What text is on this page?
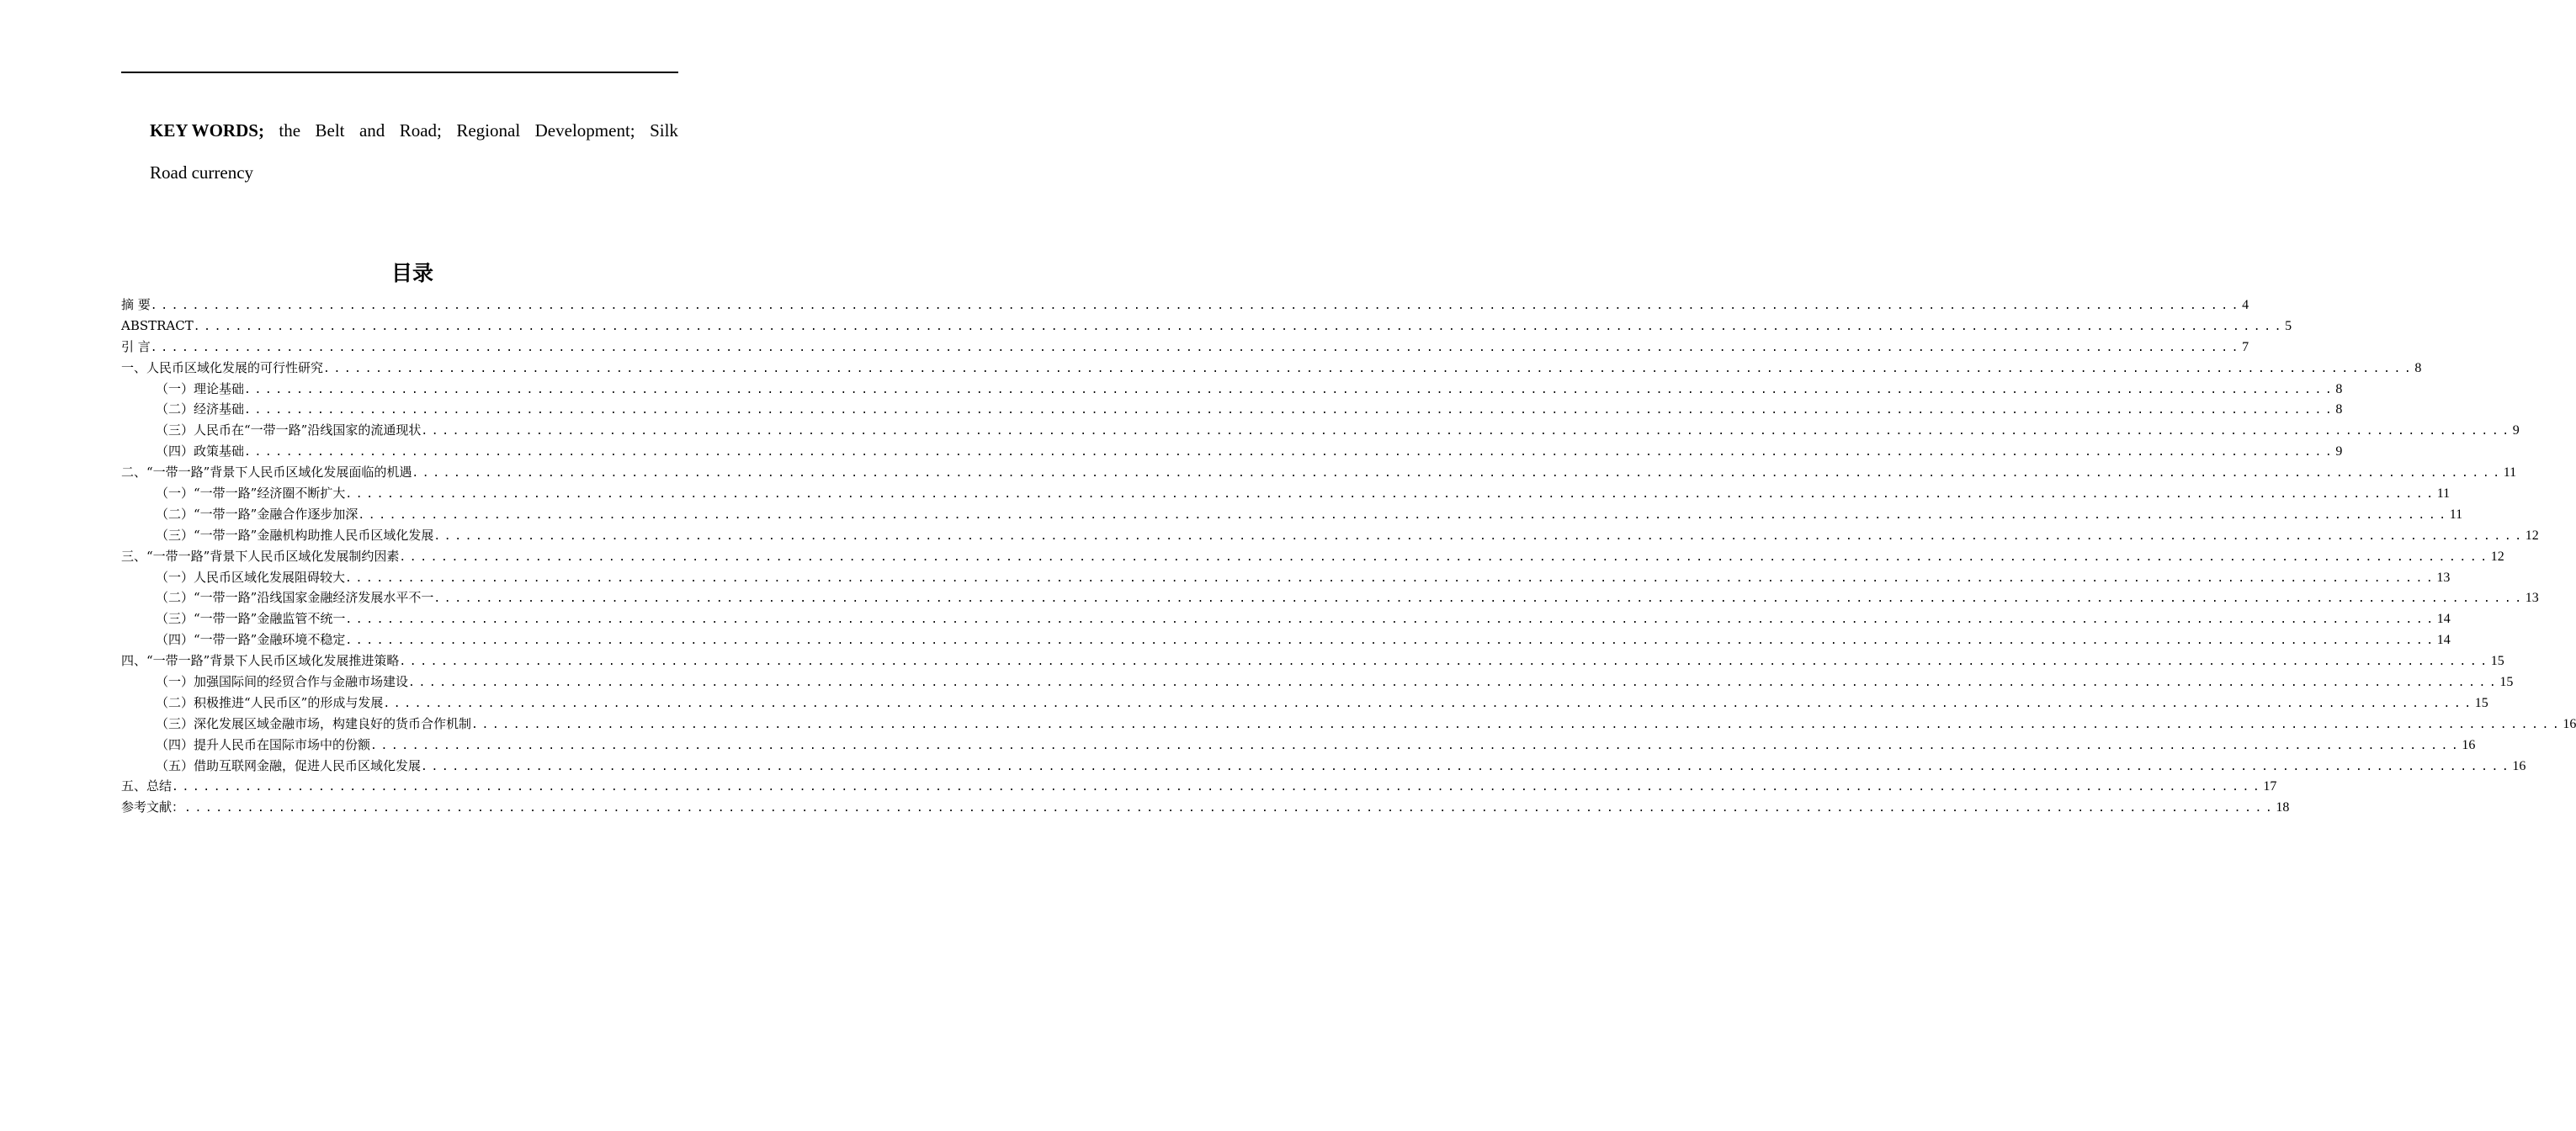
KEY WORDS; the Belt and Road; Regional Development; Silk
Road currency
目录
摘 要 ........................................................................................................................................................................................................ 4
ABSTRACT ........................................................................................................................................................................................................ 5
引 言 ........................................................................................................................................................................................................ 7
一、人民币区域化发展的可行性研究 ........................................................................................................................................................................................................ 8
（一）理论基础 ........................................................................................................................................................................................................ 8
（二）经济基础 ........................................................................................................................................................................................................ 8
（三）人民币在“一带一路”沿线国家的流通现状 ........................................................................................................................................................................................................ 9
（四）政策基础 ........................................................................................................................................................................................................ 9
二、“一带一路”背景下人民币区域化发展面临的机遇 ........................................................................................................................................................................................................ 11
（一）“一带一路”经济圈不断扩大 ........................................................................................................................................................................................................ 11
（二）“一带一路”金融合作逐步加深 ........................................................................................................................................................................................................ 11
（三）“一带一路”金融机构助推人民币区域化发展 ........................................................................................................................................................................................................ 12
三、“一带一路”背景下人民币区域化发展制约因素 ........................................................................................................................................................................................................ 12
（一）人民币区域化发展阻碍较大 ........................................................................................................................................................................................................ 13
（二）“一带一路”沿线国家金融经济发展水平不一 ........................................................................................................................................................................................................ 13
（三）“一带一路”金融监管不统一 ........................................................................................................................................................................................................ 14
（四）“一带一路”金融环境不稳定 ........................................................................................................................................................................................................ 14
四、“一带一路”背景下人民币区域化发展推进策略 ........................................................................................................................................................................................................ 15
（一）加强国际间的经贸合作与金融市场建设 ........................................................................................................................................................................................................ 15
（二）积极推进“人民币区”的形成与发展 ........................................................................................................................................................................................................ 15
（三）深化发展区域金融市场，构建良好的货币合作机制 ........................................................................................................................................................................................................ 16
（四）提升人民币在国际市场中的份额 ........................................................................................................................................................................................................ 16
（五）借助互联网金融，促进人民币区域化发展 ........................................................................................................................................................................................................ 16
五、总结 ........................................................................................................................................................................................................ 17
参考文献： ........................................................................................................................................................................................................ 18
